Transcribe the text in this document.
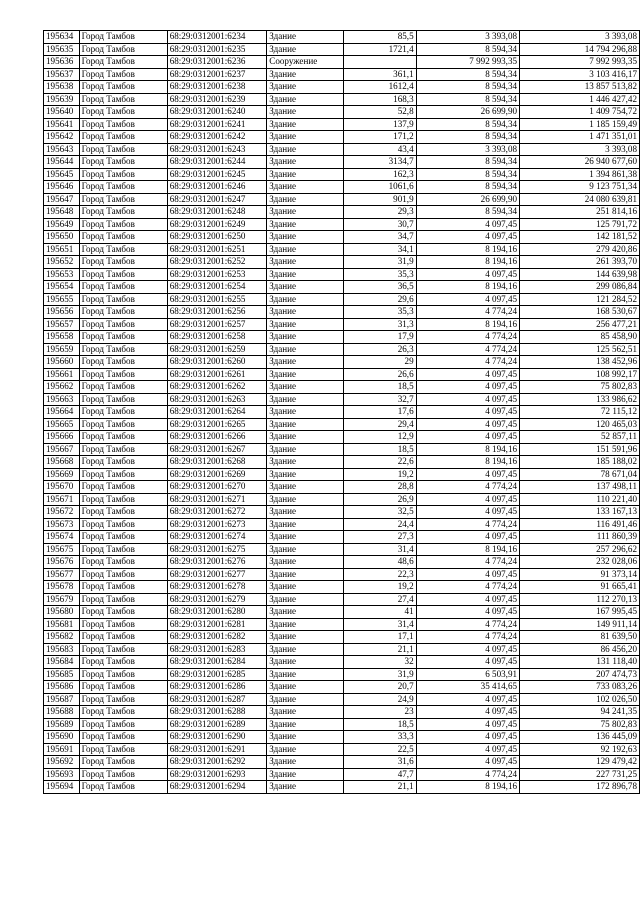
195634	Город Тамбов	68:29:0312001:6234	Здание	85,5	3 393,08	3 393,08
195635	Город Тамбов	68:29:0312001:6235	Здание	1721,4	8 594,34	14 794 296,88
195636	Город Тамбов	68:29:0312001:6236	Сооружение		7 992 993,35	7 992 993,35
195637	Город Тамбов	68:29:0312001:6237	Здание	361,1	8 594,34	3 103 416,17
195638	Город Тамбов	68:29:0312001:6238	Здание	1612,4	8 594,34	13 857 513,82
195639	Город Тамбов	68:29:0312001:6239	Здание	168,3	8 594,34	1 446 427,42
195640	Город Тамбов	68:29:0312001:6240	Здание	52,8	26 699,90	1 409 754,72
195641	Город Тамбов	68:29:0312001:6241	Здание	137,9	8 594,34	1 185 159,49
195642	Город Тамбов	68:29:0312001:6242	Здание	171,2	8 594,34	1 471 351,01
195643	Город Тамбов	68:29:0312001:6243	Здание	43,4	3 393,08	3 393,08
195644	Город Тамбов	68:29:0312001:6244	Здание	3134,7	8 594,34	26 940 677,60
195645	Город Тамбов	68:29:0312001:6245	Здание	162,3	8 594,34	1 394 861,38
195646	Город Тамбов	68:29:0312001:6246	Здание	1061,6	8 594,34	9 123 751,34
195647	Город Тамбов	68:29:0312001:6247	Здание	901,9	26 699,90	24 080 639,81
195648	Город Тамбов	68:29:0312001:6248	Здание	29,3	8 594,34	251 814,16
195649	Город Тамбов	68:29:0312001:6249	Здание	30,7	4 097,45	125 791,72
195650	Город Тамбов	68:29:0312001:6250	Здание	34,7	4 097,45	142 181,52
195651	Город Тамбов	68:29:0312001:6251	Здание	34,1	8 194,16	279 420,86
195652	Город Тамбов	68:29:0312001:6252	Здание	31,9	8 194,16	261 393,70
195653	Город Тамбов	68:29:0312001:6253	Здание	35,3	4 097,45	144 639,98
195654	Город Тамбов	68:29:0312001:6254	Здание	36,5	8 194,16	299 086,84
195655	Город Тамбов	68:29:0312001:6255	Здание	29,6	4 097,45	121 284,52
195656	Город Тамбов	68:29:0312001:6256	Здание	35,3	4 774,24	168 530,67
195657	Город Тамбов	68:29:0312001:6257	Здание	31,3	8 194,16	256 477,21
195658	Город Тамбов	68:29:0312001:6258	Здание	17,9	4 774,24	85 458,90
195659	Город Тамбов	68:29:0312001:6259	Здание	26,3	4 774,24	125 562,51
195660	Город Тамбов	68:29:0312001:6260	Здание	29	4 774,24	138 452,96
195661	Город Тамбов	68:29:0312001:6261	Здание	26,6	4 097,45	108 992,17
195662	Город Тамбов	68:29:0312001:6262	Здание	18,5	4 097,45	75 802,83
195663	Город Тамбов	68:29:0312001:6263	Здание	32,7	4 097,45	133 986,62
195664	Город Тамбов	68:29:0312001:6264	Здание	17,6	4 097,45	72 115,12
195665	Город Тамбов	68:29:0312001:6265	Здание	29,4	4 097,45	120 465,03
195666	Город Тамбов	68:29:0312001:6266	Здание	12,9	4 097,45	52 857,11
195667	Город Тамбов	68:29:0312001:6267	Здание	18,5	8 194,16	151 591,96
195668	Город Тамбов	68:29:0312001:6268	Здание	22,6	8 194,16	185 188,02
195669	Город Тамбов	68:29:0312001:6269	Здание	19,2	4 097,45	78 671,04
195670	Город Тамбов	68:29:0312001:6270	Здание	28,8	4 774,24	137 498,11
195671	Город Тамбов	68:29:0312001:6271	Здание	26,9	4 097,45	110 221,40
195672	Город Тамбов	68:29:0312001:6272	Здание	32,5	4 097,45	133 167,13
195673	Город Тамбов	68:29:0312001:6273	Здание	24,4	4 774,24	116 491,46
195674	Город Тамбов	68:29:0312001:6274	Здание	27,3	4 097,45	111 860,39
195675	Город Тамбов	68:29:0312001:6275	Здание	31,4	8 194,16	257 296,62
195676	Город Тамбов	68:29:0312001:6276	Здание	48,6	4 774,24	232 028,06
195677	Город Тамбов	68:29:0312001:6277	Здание	22,3	4 097,45	91 373,14
195678	Город Тамбов	68:29:0312001:6278	Здание	19,2	4 774,24	91 665,41
195679	Город Тамбов	68:29:0312001:6279	Здание	27,4	4 097,45	112 270,13
195680	Город Тамбов	68:29:0312001:6280	Здание	41	4 097,45	167 995,45
195681	Город Тамбов	68:29:0312001:6281	Здание	31,4	4 774,24	149 911,14
195682	Город Тамбов	68:29:0312001:6282	Здание	17,1	4 774,24	81 639,50
195683	Город Тамбов	68:29:0312001:6283	Здание	21,1	4 097,45	86 456,20
195684	Город Тамбов	68:29:0312001:6284	Здание	32	4 097,45	131 118,40
195685	Город Тамбов	68:29:0312001:6285	Здание	31,9	6 503,91	207 474,73
195686	Город Тамбов	68:29:0312001:6286	Здание	20,7	35 414,65	733 083,26
195687	Город Тамбов	68:29:0312001:6287	Здание	24,9	4 097,45	102 026,50
195688	Город Тамбов	68:29:0312001:6288	Здание	23	4 097,45	94 241,35
195689	Город Тамбов	68:29:0312001:6289	Здание	18,5	4 097,45	75 802,83
195690	Город Тамбов	68:29:0312001:6290	Здание	33,3	4 097,45	136 445,09
195691	Город Тамбов	68:29:0312001:6291	Здание	22,5	4 097,45	92 192,63
195692	Город Тамбов	68:29:0312001:6292	Здание	31,6	4 097,45	129 479,42
195693	Город Тамбов	68:29:0312001:6293	Здание	47,7	4 774,24	227 731,25
195694	Город Тамбов	68:29:0312001:6294	Здание	21,1	8 194,16	172 896,78
